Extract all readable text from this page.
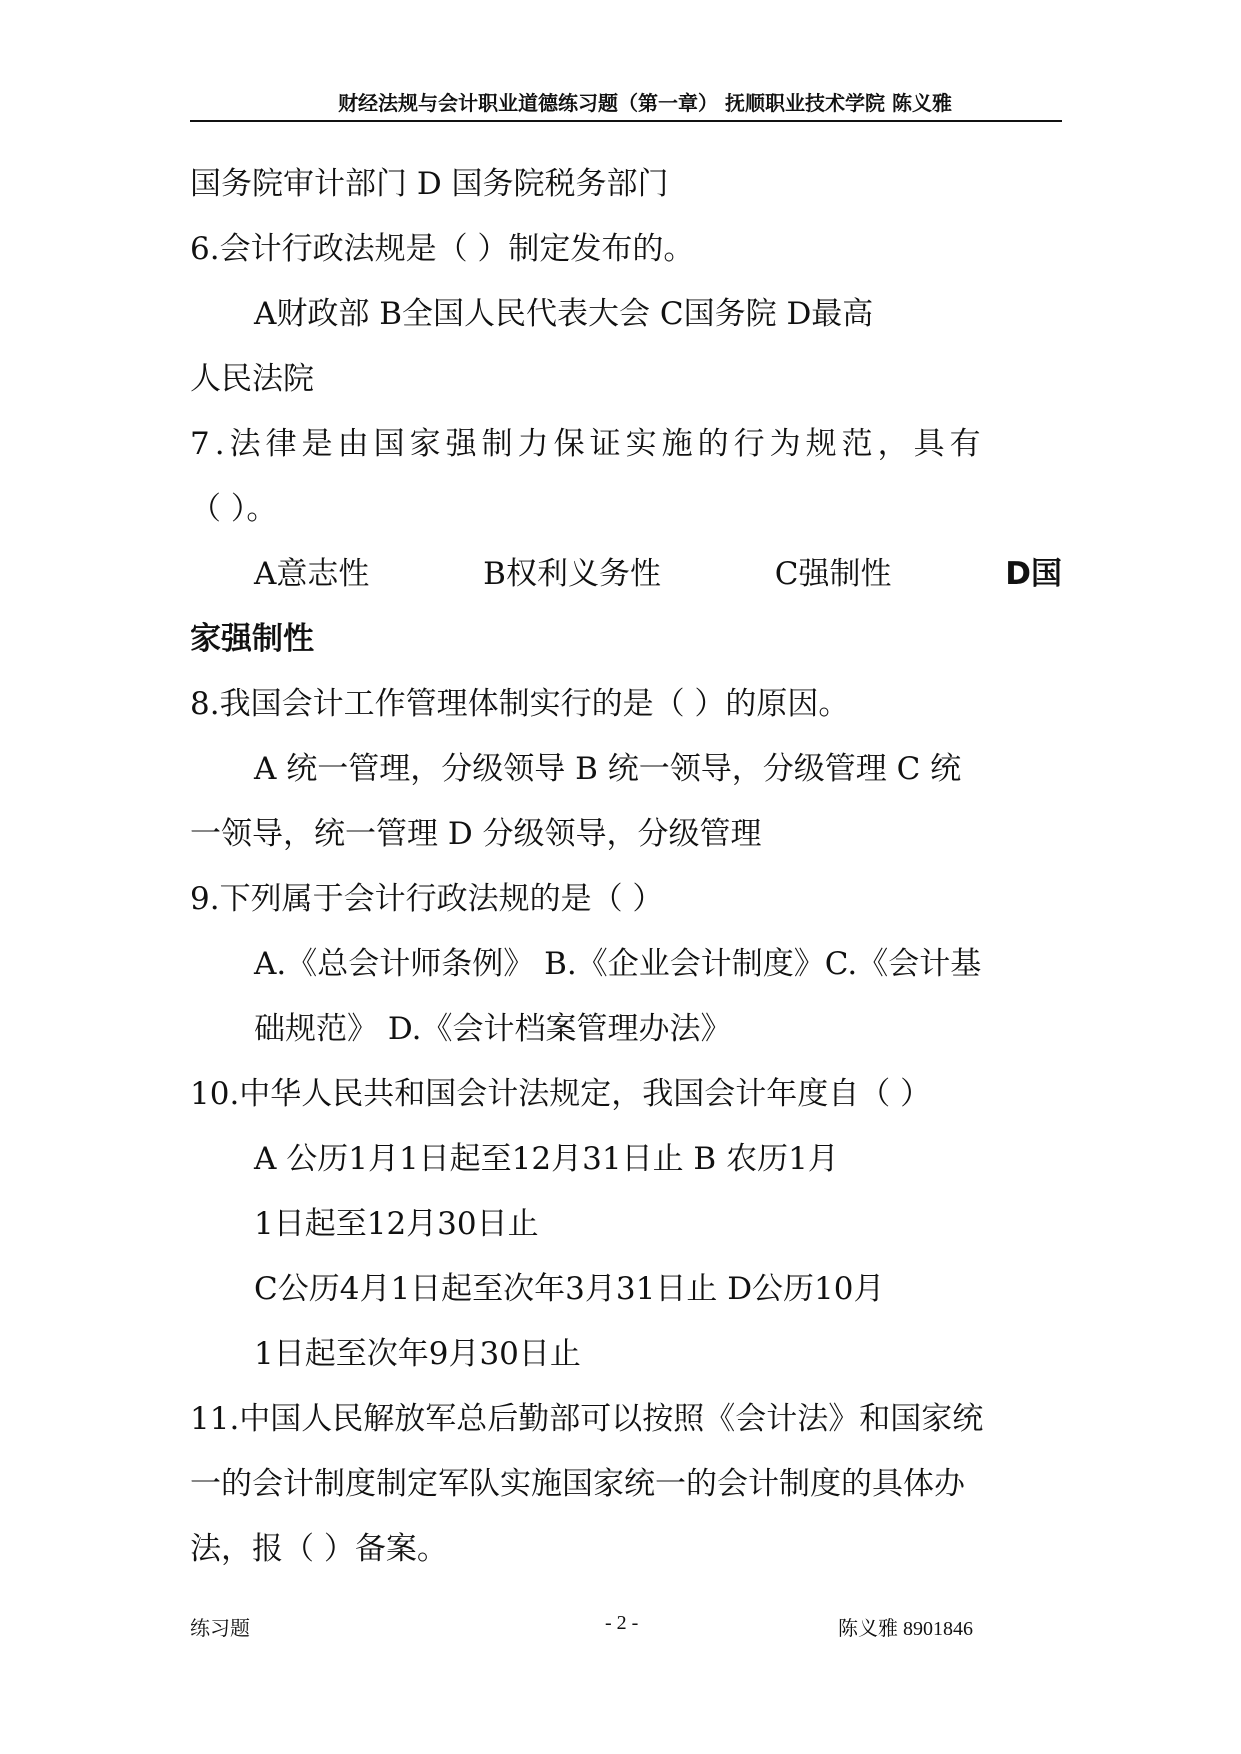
财经法规与会计职业道德练习题（第一章） 抚顺职业技术学院 陈义雅
国务院审计部门 D 国务院税务部门
6.会计行政法规是（ ）制定发布的。
A财政部 B全国人民代表大会 C国务院 D最高
人民法院
7.法律是由国家强制力保证实施的行为规范，具有
（ ）。
A意志性	B权利义务性	C强制性	D国
家强制性
8.我国会计工作管理体制实行的是（ ）的原因。
A 统一管理，分级领导 B 统一领导，分级管理 C 统
一领导，统一管理 D 分级领导，分级管理
9.下列属于会计行政法规的是（ ）
A.《总会计师条例》 B.《企业会计制度》C.《会计基
础规范》 D.《会计档案管理办法》
10.中华人民共和国会计法规定，我国会计年度自（ ）
A 公历1月1日起至12月31日止 B 农历1月
1日起至12月30日止
C公历4月1日起至次年3月31日止 D公历10月
1日起至次年9月30日止
11.中国人民解放军总后勤部可以按照《会计法》和国家统
一的会计制度制定军队实施国家统一的会计制度的具体办
法，报（ ）备案。
练习题	- 2 -	陈义雅 8901846
